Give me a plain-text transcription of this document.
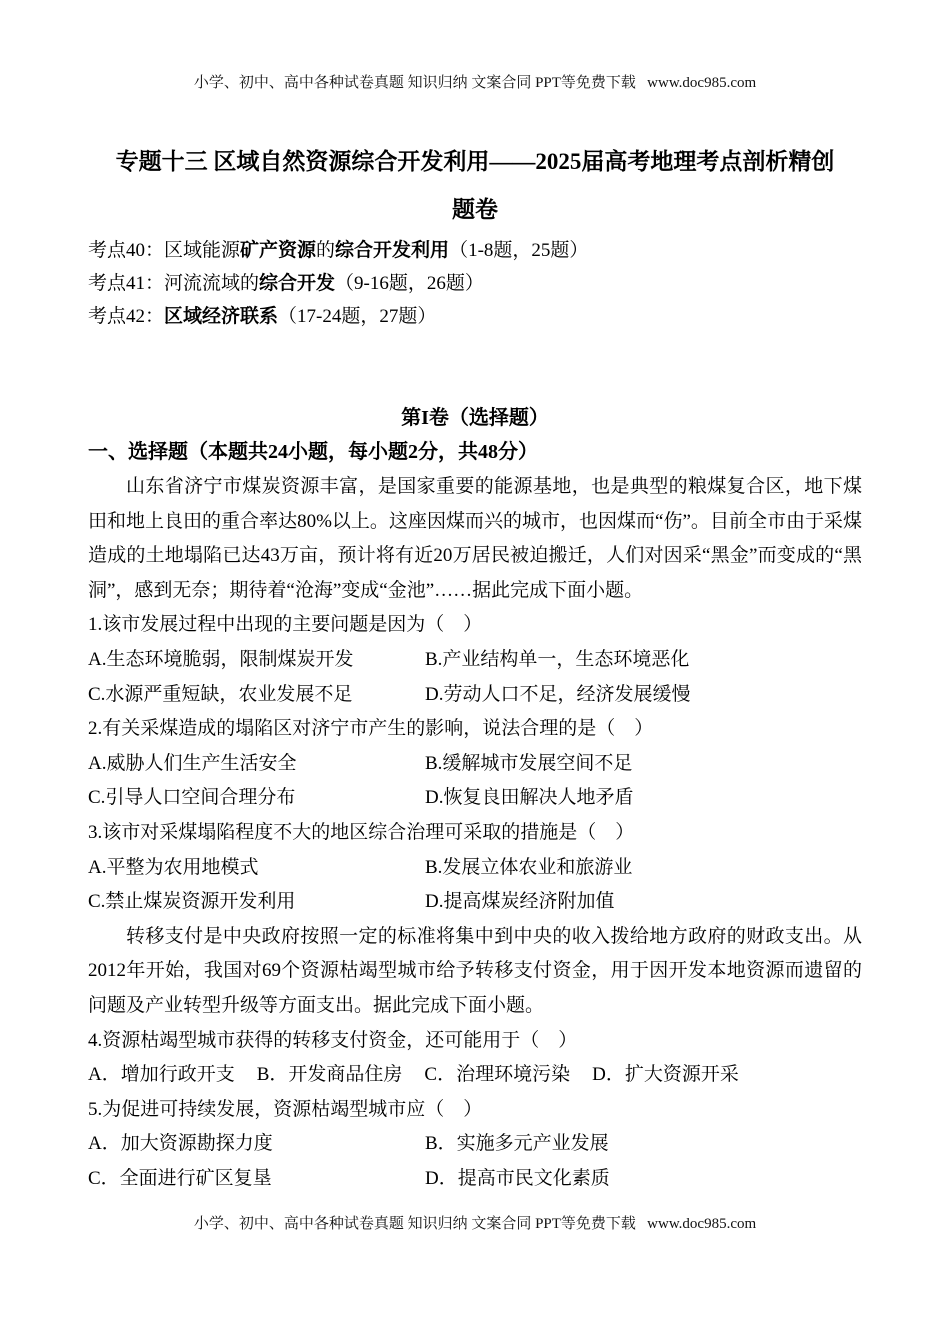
小学、初中、高中各种试卷真题 知识归纳 文案合同 PPT等免费下载   www.doc985.com
专题十三 区域自然资源综合开发利用——2025届高考地理考点剖析精创
题卷
考点40：区域能源矿产资源的综合开发利用（1-8题，25题）
考点41：河流流域的综合开发（9-16题，26题）
考点42：区域经济联系（17-24题，27题）
第I卷（选择题）
一、选择题（本题共24小题，每小题2分，共48分）
山东省济宁市煤炭资源丰富，是国家重要的能源基地，也是典型的粮煤复合区，地下煤田和地上良田的重合率达80%以上。这座因煤而兴的城市，也因煤而“伤”。目前全市由于采煤造成的土地塌陷已达43万亩，预计将有近20万居民被迫搬迁，人们对因采“黑金”而变成的“黑洞”，感到无奈；期待着“沧海”变成“金池”……据此完成下面小题。
1.该市发展过程中出现的主要问题是因为（　）
A.生态环境脆弱，限制煤炭开发	B.产业结构单一，生态环境恶化
C.水源严重短缺，农业发展不足	D.劳动人口不足，经济发展缓慢
2.有关采煤造成的塌陷区对济宁市产生的影响，说法合理的是（　）
A.威胁人们生产生活安全	B.缓解城市发展空间不足
C.引导人口空间合理分布	D.恢复良田解决人地矛盾
3.该市对采煤塌陷程度不大的地区综合治理可采取的措施是（　）
A.平整为农用地模式	B.发展立体农业和旅游业
C.禁止煤炭资源开发利用	D.提高煤炭经济附加值
转移支付是中央政府按照一定的标准将集中到中央的收入拨给地方政府的财政支出。从2012年开始，我国对69个资源枯竭型城市给予转移支付资金，用于因开发本地资源而遗留的问题及产业转型升级等方面支出。据此完成下面小题。
4.资源枯竭型城市获得的转移支付资金，还可能用于（　）
A．增加行政开支 B．开发商品住房 C．治理环境污染 D．扩大资源开采
5.为促进可持续发展，资源枯竭型城市应（　）
A．加大资源勘探力度	B．实施多元产业发展
C．全面进行矿区复垦	D．提高市民文化素质
小学、初中、高中各种试卷真题 知识归纳 文案合同 PPT等免费下载   www.doc985.com
